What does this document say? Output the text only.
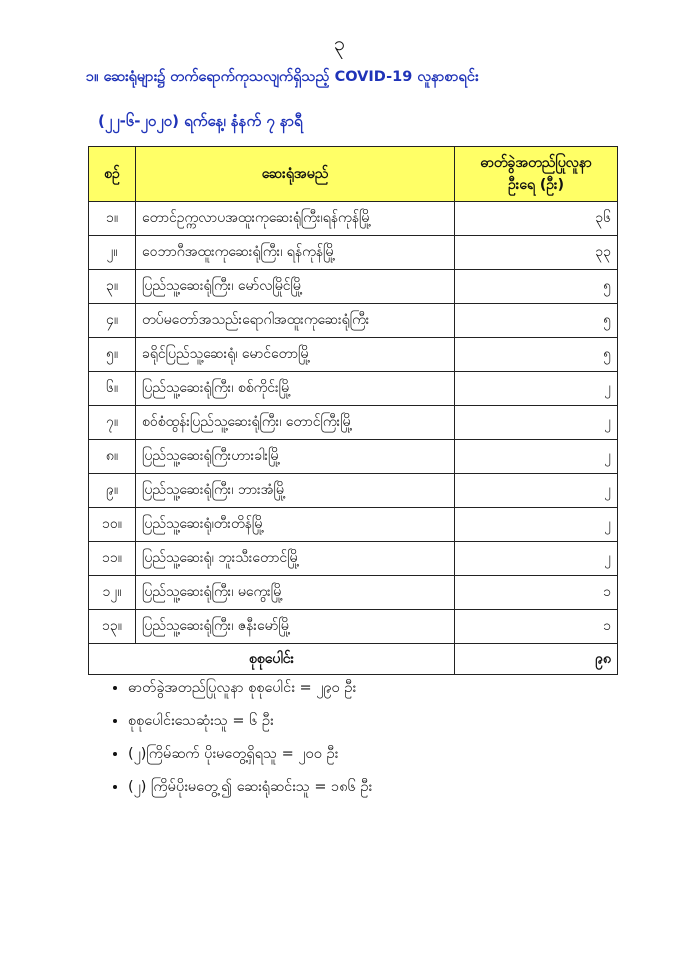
၃
၁။ ဆေးရုံများ၌ တက်ရောက်ကုသလျက်ရှိသည့် COVID-19 လူနာစာရင်း
(၂၂-၆-၂၀၂၀) ရက်နေ့၊ နံနက် ၇ နာရီ
စဉ်	ဆေးရုံအမည်	ဓာတ်ခွဲအတည်ပြုလူနာ
ဦးရေ (ဦး)

၁။	တောင်ဥက္ကလာပအထူးကုဆေးရုံကြီး၊ရန်ကုန်မြို့	၃၆
၂။	ဝေဘာဂီအထူးကုဆေးရုံကြီး၊ ရန်ကုန်မြို့	၃၃
၃။	ပြည်သူ့ဆေးရုံကြီး၊ မော်လမြိုင်မြို့	၅
၄။	တပ်မတော်အသည်းရောဂါအထူးကုဆေးရုံကြီး	၅
၅။	ခရိုင်ပြည်သူ့ဆေးရုံ၊ မောင်တောမြို့	၅
၆။	ပြည်သူ့ဆေးရုံကြီး၊ စစ်ကိုင်းမြို့	၂
၇။	စဝ်စံထွန်းပြည်သူ့ဆေးရုံကြီး၊ တောင်ကြီးမြို့	၂
၈။	ပြည်သူ့ဆေးရုံကြီးဟားခါးမြို့	၂
၉။	ပြည်သူ့ဆေးရုံကြီး၊ ဘားအံမြို့	၂
၁၀။	ပြည်သူ့ဆေးရုံ၊တီးတိန်မြို့	၂
၁၁။	ပြည်သူ့ဆေးရုံ၊ ဘူးသီးတောင်မြို့	၂
၁၂။	ပြည်သူ့ဆေးရုံကြီး၊ မကွေးမြို့	၁
၁၃။	ပြည်သူ့ဆေးရုံကြီး၊ ဇနီးမော်မြို့	၁
စုစုပေါင်း		၉၈
• ဓာတ်ခွဲအတည်ပြုလူနာ စုစုပေါင်း = ၂၉၀ ဦး
• စုစုပေါင်းသေဆုံးသူ = ၆ ဦး
• (၂)ကြိမ်ဆက် ပိုးမတွေ့ရှိရသူ = ၂၀၀ ဦး
• (၂) ကြိမ်ပိုးမတွေ့၍ ဆေးရုံဆင်းသူ = ၁၈၆ ဦး
